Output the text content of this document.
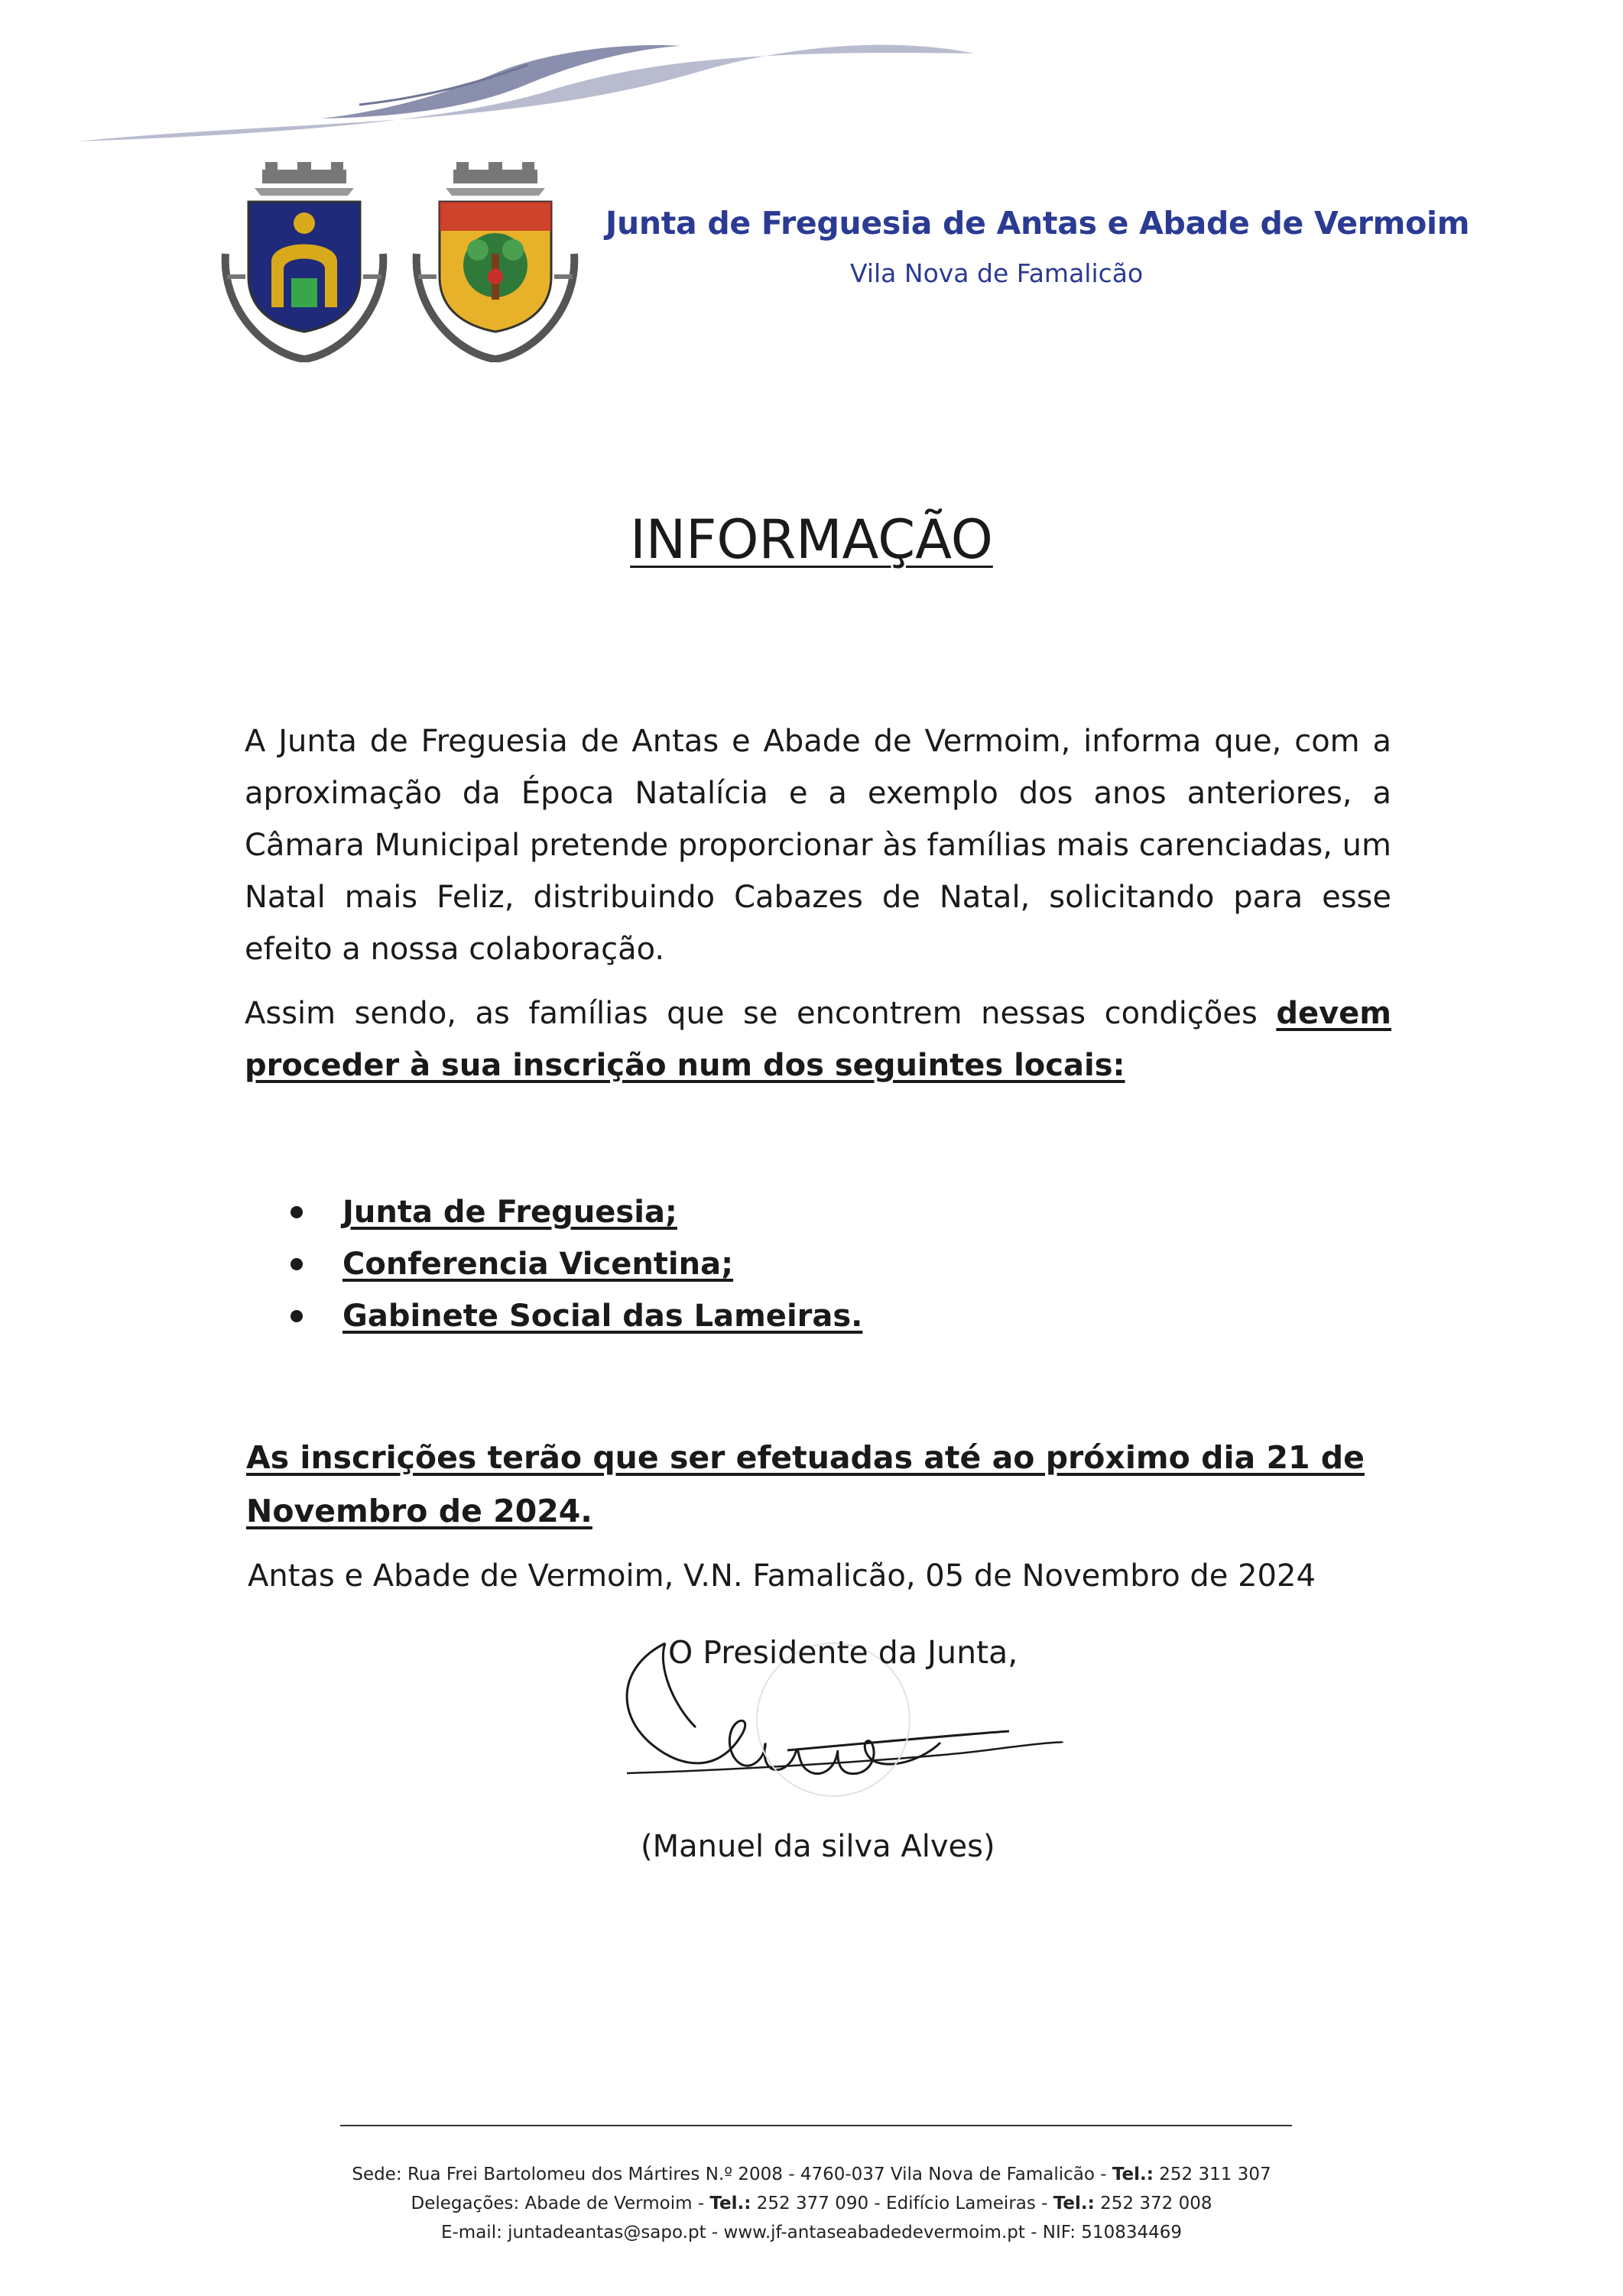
Junta de Freguesia de Antas e Abade de Vermoim
Vila Nova de Famalicão
INFORMAÇÃO
A Junta de Freguesia de Antas e Abade de Vermoim, informa que, com a aproximação da Época Natalícia e a exemplo dos anos anteriores, a Câmara Municipal pretende proporcionar às famílias mais carenciadas, um Natal mais Feliz, distribuindo Cabazes de Natal, solicitando para esse efeito a nossa colaboração.
Assim sendo, as famílias que se encontrem nessas condições devem proceder à sua inscrição num dos seguintes locais:
Junta de Freguesia;
Conferencia Vicentina;
Gabinete Social das Lameiras.
As inscrições terão que ser efetuadas até ao próximo dia 21 de Novembro de 2024.
Antas e Abade de Vermoim, V.N. Famalicão, 05 de Novembro de 2024
O Presidente da Junta,
(Manuel da silva Alves)
Sede: Rua Frei Bartolomeu dos Mártires N.º 2008 - 4760-037 Vila Nova de Famalicão - Tel.: 252 311 307
Delegações: Abade de Vermoim - Tel.: 252 377 090 - Edifício Lameiras - Tel.: 252 372 008
E-mail: juntadeantas@sapo.pt - www.jf-antaseabadedevermoim.pt - NIF: 510834469
